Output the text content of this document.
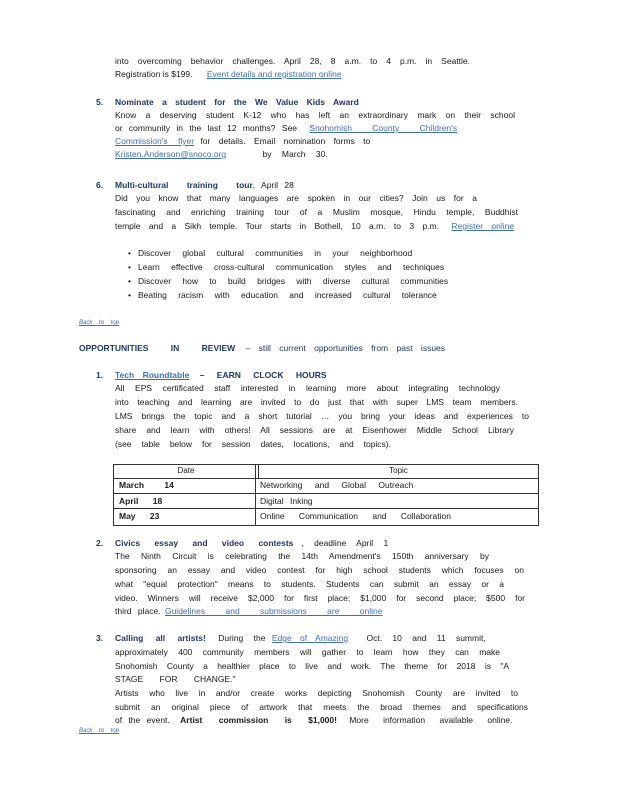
into overcoming behavior challenges. April 28, 8 a.m. to 4 p.m. in Seattle.
Registration is $199. Event details and registration online
5. Nominate a student for the We Value Kids Award
Know a deserving student K-12 who has left an extraordinary mark on their school
or community in the last 12 months? See Snohomish County Children's
Commission's flyer for details. Email nomination forms to
Kristen.Anderson@snoco.org	by March 30.
6. Multi-cultural training tour, April 28
Did you know that many languages are spoken in our cities? Join us for a
fascinating and enriching training tour of a Muslim mosque, Hindu temple, Buddhist
temple and a Sikh temple. Tour starts in Bothell, 10 a.m. to 3 p.m. Register online
• Discover global cultural communities in your neighborhood
• Learn effective cross-cultural communication styles and techniques
• Discover how to build bridges with diverse cultural communities
• Beating racism with education and increased cultural tolerance
Back to top
OPPORTUNITIES IN REVIEW – still current opportunities from past issues
1. Tech Roundtable – EARN CLOCK HOURS
All EPS certificated staff interested in learning more about integrating technology
into teaching and learning are invited to do just that with super LMS team members.
LMS brings the topic and a short tutorial … you bring your ideas and experiences to
share and learn with others! All sessions are at Eisenhower Middle School Library
(see table below for session dates, locations, and topics).
Date	Topic
March 14	Networking and Global Outreach
April 18	Digital Inking
May 23	Online Communication and Collaboration
2. Civics essay and video contests , deadline April 1
The Ninth Circuit is celebrating the 14th Amendment's 150th anniversary by
sponsoring an essay and video contest for high school students which focuses on
what "equal protection" means to students. Students can submit an essay or a
video. Winners will receive $2,000 for first place; $1,000 for second place; $500 for
third place. Guidelines and submissions are online
3. Calling all artists! During the Edge of Amazing Oct. 10 and 11 summit,
approximately 400 community members will gather to learn how they can make
Snohomish County a healthier place to live and work. The theme for 2018 is "A
STAGE FOR CHANGE."
Artists who live in and/or create works depicting Snohomish County are invited to
submit an original piece of artwork that meets the broad themes and specifications
of the event. Artist commission is $1,000! More information available online.
Back to top
